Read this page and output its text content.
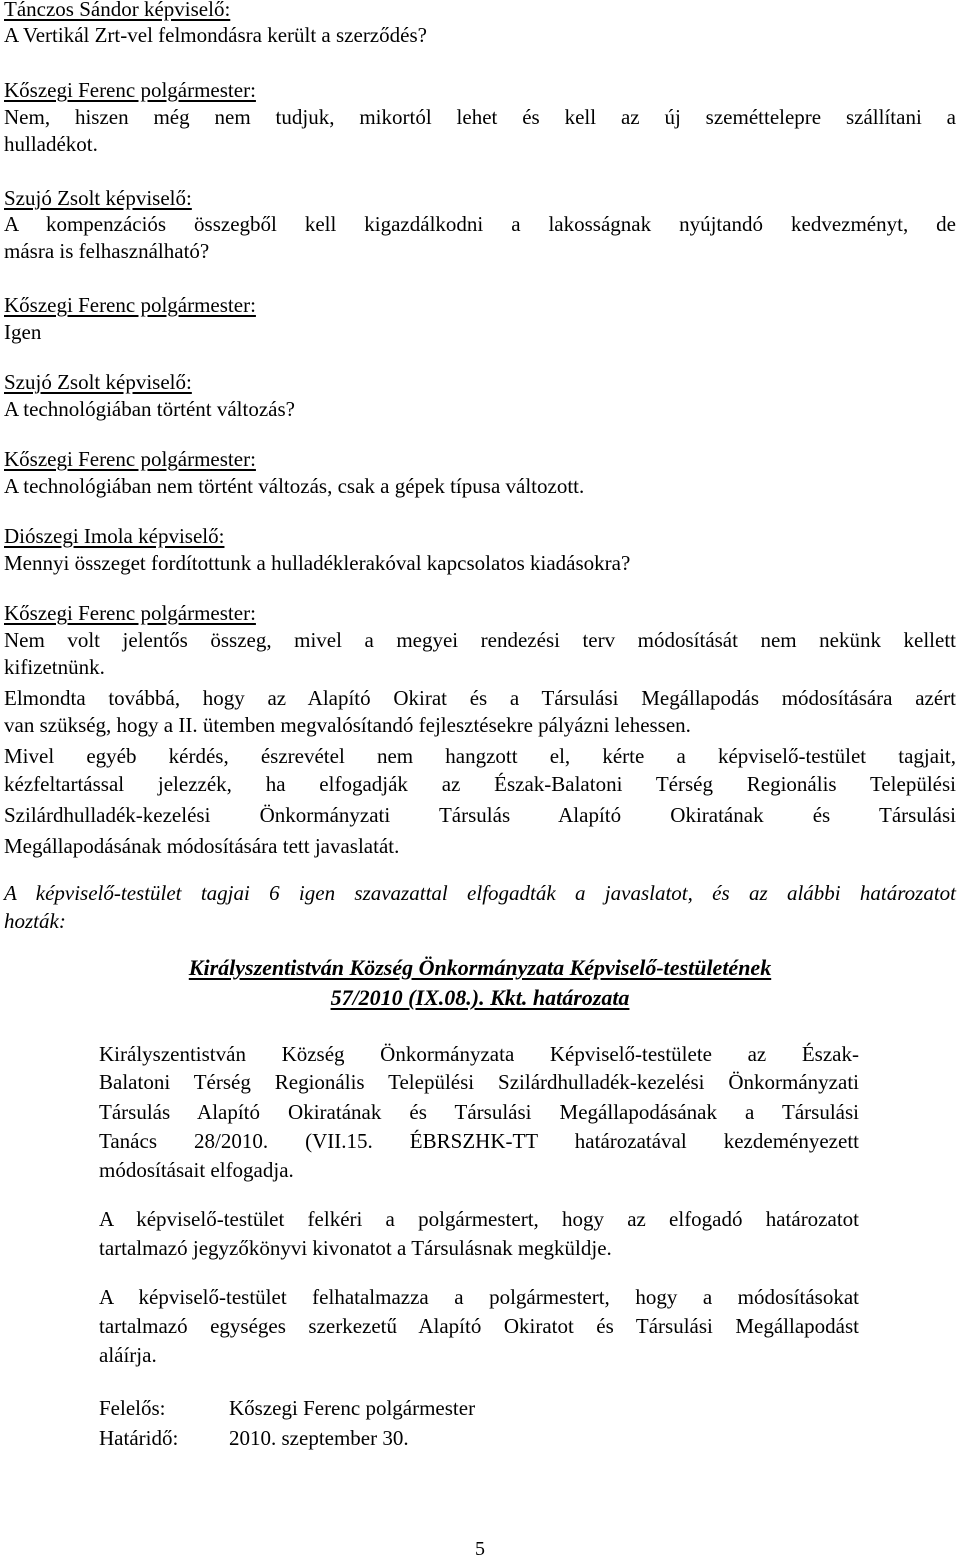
Tánczos Sándor képviselő:
A Vertikál Zrt-vel felmondásra került a szerződés?
Kőszegi Ferenc polgármester:
Nem, hiszen még nem tudjuk, mikortól lehet és kell az új szeméttelepre szállítani a
hulladékot.
Szujó Zsolt képviselő:
A kompenzációs összegből kell kigazdálkodni a lakosságnak nyújtandó kedvezményt, de
másra is felhasználható?
Kőszegi Ferenc polgármester:
Igen
Szujó Zsolt képviselő:
A technológiában történt változás?
Kőszegi Ferenc polgármester:
A technológiában nem történt változás, csak a gépek típusa változott.
Diószegi Imola képviselő:
Mennyi összeget fordítottunk a hulladéklerakóval kapcsolatos kiadásokra?
Kőszegi Ferenc polgármester:
Nem volt jelentős összeg, mivel a megyei rendezési terv módosítását nem nekünk kellett
kifizetnünk.
Elmondta továbbá, hogy az Alapító Okirat és a Társulási Megállapodás módosítására azért
van szükség, hogy a II. ütemben megvalósítandó fejlesztésekre pályázni lehessen.
Mivel egyéb kérdés, észrevétel nem hangzott el, kérte a képviselő-testület tagjait,
kézfeltartással jelezzék, ha elfogadják az Észak-Balatoni Térség Regionális Települési
Szilárdhulladék-kezelési Önkormányzati Társulás Alapító Okiratának és Társulási
Megállapodásának módosítására tett javaslatát.
A képviselő-testület tagjai 6 igen szavazattal elfogadták a javaslatot, és az alábbi határozatot
hozták:
Királyszentistván Község Önkormányzata Képviselő-testületének
57/2010 (IX.08.). Kkt. határozata
Királyszentistván Község Önkormányzata Képviselő-testülete az Észak-
Balatoni Térség Regionális Települési Szilárdhulladék-kezelési Önkormányzati
Társulás Alapító Okiratának és Társulási Megállapodásának a Társulási
Tanács 28/2010. (VII.15. ÉBRSZHK-TT határozatával kezdeményezett
módosításait elfogadja.
A képviselő-testület felkéri a polgármestert, hogy az elfogadó határozatot
tartalmazó jegyzőkönyvi kivonatot a Társulásnak megküldje.
A képviselő-testület felhatalmazza a polgármestert, hogy a módosításokat
tartalmazó egységes szerkezetű Alapító Okiratot és Társulási Megállapodást
aláírja.
Felelős:	Kőszegi Ferenc polgármester
Határidő: 2010. szeptember 30.
5
